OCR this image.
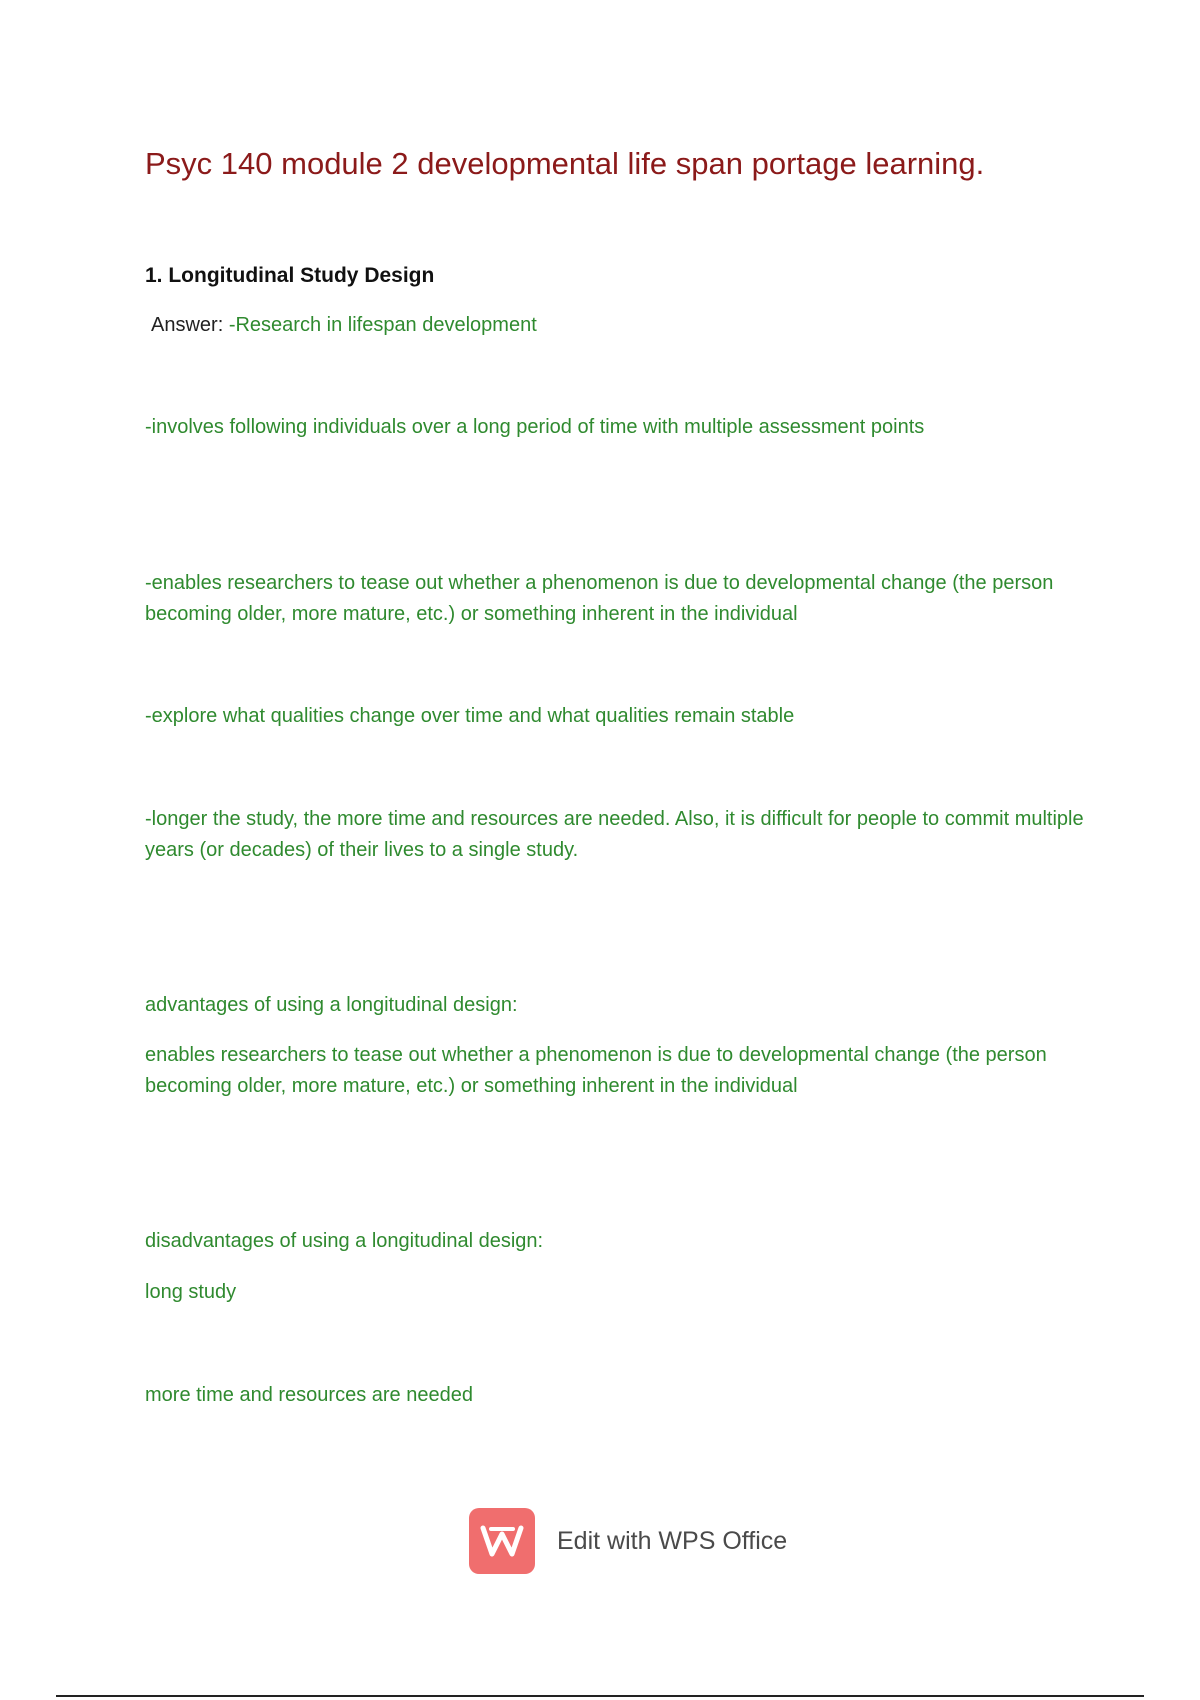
Psyc 140 module 2 developmental life span portage learning.
1. Longitudinal Study Design
Answer: -Research in lifespan development
-involves following individuals over a long period of time with multiple assessment points
-enables researchers to tease out whether a phenomenon is due to developmental change (the person becoming older, more mature, etc.) or something inherent in the individual
-explore what qualities change over time and what qualities remain stable
-longer the study, the more time and resources are needed. Also, it is difficult for people to commit multiple years (or decades) of their lives to a single study.
advantages of using a longitudinal design:
enables researchers to tease out whether a phenomenon is due to developmental change (the person becoming older, more mature, etc.) or something inherent in the individual
disadvantages of using a longitudinal design:
long study
more time and resources are needed
Edit with WPS Office
